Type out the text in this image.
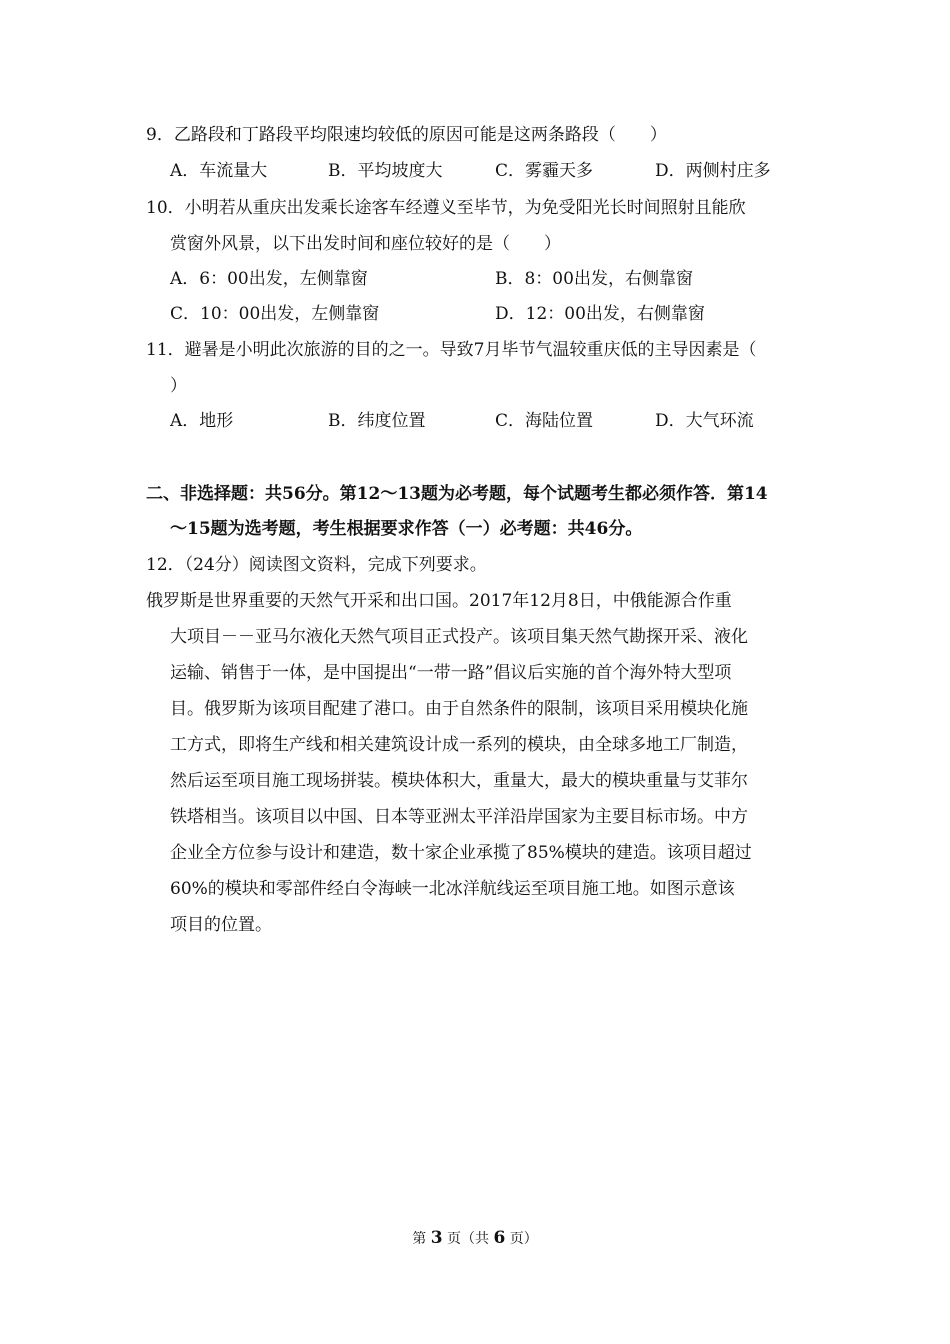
9．乙路段和丁路段平均限速均较低的原因可能是这两条路段（　　）
A．车流量大	B．平均坡度大	C．雾霾天多	D．两侧村庄多
10．小明若从重庆出发乘长途客车经遵义至毕节，为免受阳光长时间照射且能欣
赏窗外风景，以下出发时间和座位较好的是（　　）
A．6：00出发，左侧靠窗	B．8：00出发，右侧靠窗
C．10：00出发，左侧靠窗	D．12：00出发，右侧靠窗
11．避暑是小明此次旅游的目的之一。导致7月毕节气温较重庆低的主导因素是（
）
A．地形	B．纬度位置	C．海陆位置	D．大气环流
二、非选择题：共56分。第12～13题为必考题，每个试题考生都必须作答．第14
～15题为选考题，考生根据要求作答（一）必考题：共46分。
12．（24分）阅读图文资料，完成下列要求。
俄罗斯是世界重要的天然气开采和出口国。2017年12月8日，中俄能源合作重
大项目－－亚马尔液化天然气项目正式投产。该项目集天然气勘探开采、液化
运输、销售于一体，是中国提出“一带一路”倡议后实施的首个海外特大型项
目。俄罗斯为该项目配建了港口。由于自然条件的限制，该项目采用模块化施
工方式，即将生产线和相关建筑设计成一系列的模块，由全球多地工厂制造，
然后运至项目施工现场拼装。模块体积大，重量大，最大的模块重量与艾菲尔
铁塔相当。该项目以中国、日本等亚洲太平洋沿岸国家为主要目标市场。中方
企业全方位参与设计和建造，数十家企业承揽了85%模块的建造。该项目超过
60%的模块和零部件经白令海峡一北冰洋航线运至项目施工地。如图示意该
项目的位置。
第 3 页（共 6 页）
